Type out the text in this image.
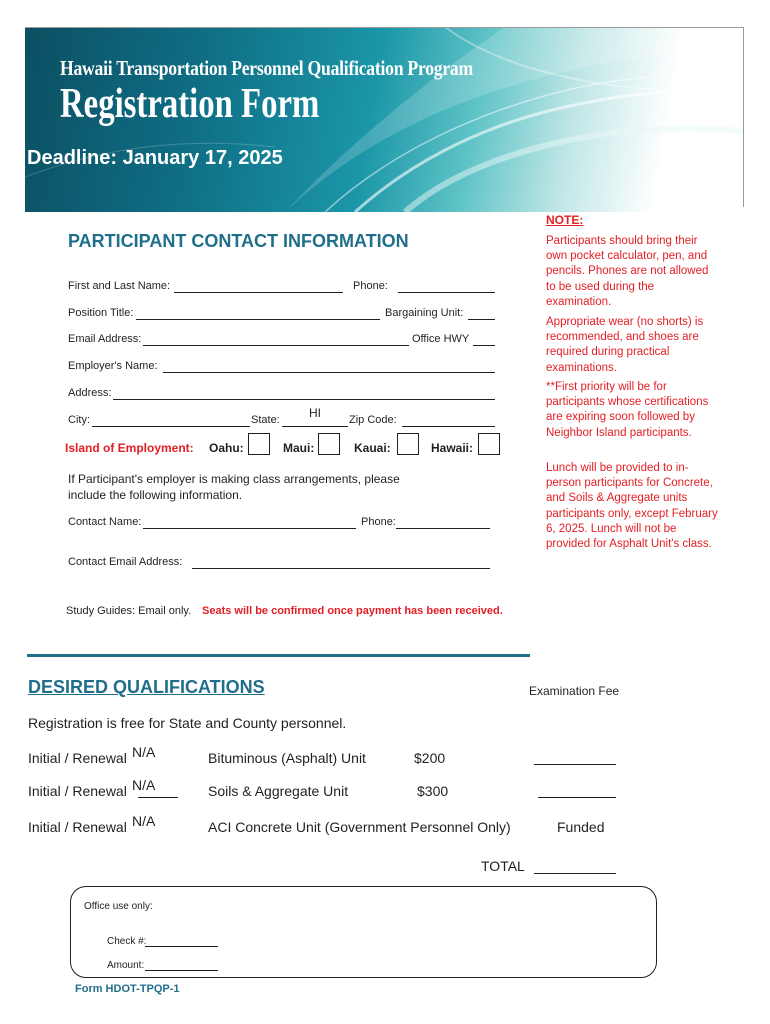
Hawaii Transportation Personnel Qualification Program
Registration Form
Deadline: January 17, 2025
NOTE:
Participants should bring their own pocket calculator, pen, and pencils. Phones are not allowed to be used during the examination.
Appropriate wear (no shorts) is recommended, and shoes are required during practical examinations.
**First priority will be for participants whose certifications are expiring soon followed by Neighbor Island participants.
Lunch will be provided to in-person participants for Concrete, and Soils & Aggregate units participants only, except February 6, 2025. Lunch will not be provided for Asphalt Unit's class.
PARTICIPANT CONTACT INFORMATION
First and Last Name:	Phone:
Position Title:	Bargaining Unit:
Email Address:	Office HWY
Employer's Name:
Address:
City:	State: HI	Zip Code:
Island of Employment: Oahu:	Maui:	Kauai:	Hawaii:
If Participant's employer is making class arrangements, please
include the following information.
Contact Name:	Phone:
Contact Email Address:
Study Guides: Email only. Seats will be confirmed once payment has been received.
DESIRED QUALIFICATIONS	Examination Fee
Registration is free for State and County personnel.
Initial / Renewal N/A	Bituminous (Asphalt) Unit	$200
Initial / Renewal N/A	Soils & Aggregate Unit	$300
Initial / Renewal N/A	ACI Concrete Unit (Government Personnel Only)	Funded
TOTAL
Office use only:
Check #:
Amount:
Form HDOT-TPQP-1
